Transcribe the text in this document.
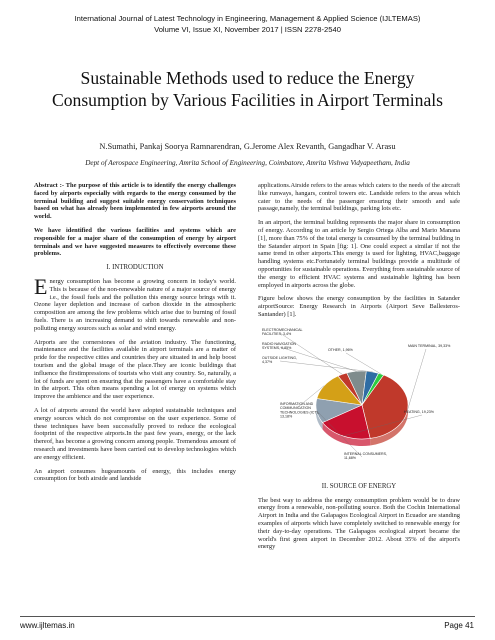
International Journal of Latest Technology in Engineering, Management & Applied Science (IJLTEMAS)
Volume VI, Issue XI, November 2017 | ISSN 2278-2540
Sustainable Methods used to reduce the Energy Consumption by Various Facilities in Airport Terminals
N.Sumathi, Pankaj Soorya Ramnarendran, G.Jerome Alex Revanth, Gangadhar V. Arasu
Dept of Aerospace Engineering, Amrita School of Engineering, Coimbatore, Amrita Vishwa Vidyapeetham, India
Abstract :- The purpose of this article is to identify the energy challenges faced by airports especially with regards to the energy consumed by the terminal building and suggest suitable energy conservation techniques based on what has already been implemented in few airports around the world.
We have identified the various facilities and systems which are responsible for a major share of the consumption of energy by airport terminals and we have suggested measures to effectively overcome these problems.
I. INTRODUCTION
Energy consumption has become a growing concern in today's world. This is because of the non-renewable nature of a major source of energy i.e., the fossil fuels and the pollution this energy source brings with it. Ozone layer depletion and increase of carbon dioxide in the atmospheric composition are among the few problems which arise due to burning of fossil fuels. There is an increasing demand to shift towards renewable and non-polluting energy sources such as solar and wind energy.
Airports are the cornerstones of the aviation industry. The functioning, maintenance and the facilities available in airport terminals are a matter of pride for the respective cities and countries they are situated in and help boost tourism and the global image of the place.They are iconic buildings that influence the firstimpressions of tourists who visit any country. So, naturally, a lot of funds are spent on ensuring that the passengers have a comfortable stay in the airport. This often means spending a lot of energy on systems which improve the ambience and the user experience.
A lot of airports around the world have adopted sustainable techniques and energy sources which do not compromise on the user experience. Some of these techniques have been successfully proved to reduce the ecological footprint of the respective airports.In the past few years, energy, or the lack thereof, has become a growing concern among people. Tremendous amount of research and investments have been carried out to develop technologies which are energy efficient.
An airport consumes hugeamounts of energy, this includes energy consumption for both airside and landside
applications.Airside refers to the areas which caters to the needs of the aircraft like runways, hangars, control towers etc. Landside refers to the areas which cater to the needs of the passenger ensuring their smooth and safe passage,namely, the terminal buildings, parking lots etc.
In an airport, the terminal building represents the major share in consumption of energy. According to an article by Sergio Ortega Alba and Mario Manana [1], more than 75% of the total energy is consumed by the terminal building in the Satander airport in Spain [fig: 1]. One could expect a similar if not the same trend in other airports.This energy is used for lighting, HVAC,baggage handling systems etc.Fortunately terminal buildings provide a multitude of opportunities for sustainable operations. Everything from sustainable source of the energy to efficient HVAC systems and sustainable lighting has been employed in airports across the globe.
Figure below shows the energy consumption by the facilities in Satander airportSource: Energy Research in Airports (Airport Seve Ballesteros-Santander) [1].
ELECTROMECHANICAL FACILITIES, 3,4%
RADIO NAVIGATION SYSTEMS, 6,85%
OUTSIDE LIGHTING, 4,37%
OTHER, 1,96%
MAIN TERMINAL, 39,33%
HEATING, 19,23%
INTERNAL CONSUMERS, 11,68%
INFORMATION AND COMMUNICATION TECHNOLOGIES (ICT), 13,18%
II. SOURCE OF ENERGY
The best way to address the energy consumption problem would be to draw energy from a renewable, non-polluting source. Both the Cochin International Airport in India and the Galapagos Ecological Airport in Ecuador are standing examples of airports which have completely switched to renewable energy for their day-to-day operations. The Galapagos ecological airport became the world's first green airport in December 2012. About 35% of the airport's energy
www.ijltemas.in	Page 41
